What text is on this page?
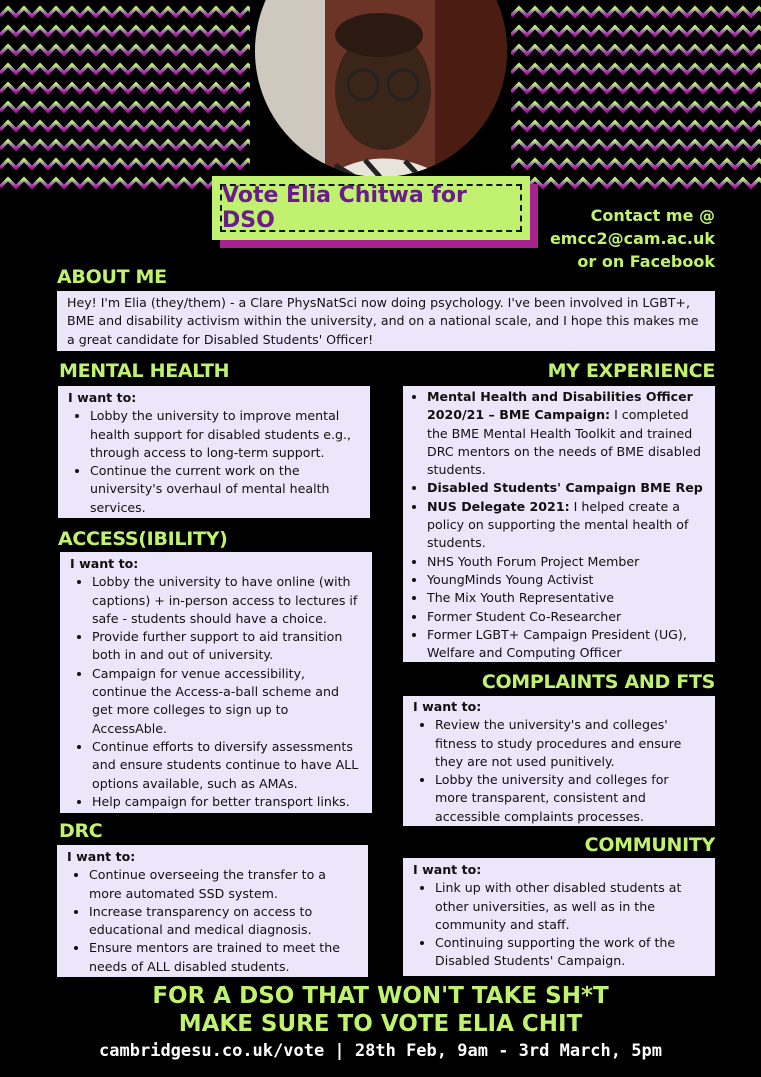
Vote Elia Chitwa for DSO	Contact me @
emcc2@cam.ac.uk
or on Facebook
ABOUT ME
Hey! I'm Elia (they/them) - a Clare PhysNatSci now doing psychology. I've been involved in LGBT+, BME and disability activism within the university, and on a national scale, and I hope this makes me a great candidate for Disabled Students' Officer!
MENTAL HEALTH
I want to:
• Lobby the university to improve mental health support for disabled students e.g., through access to long-term support.
• Continue the current work on the university's overhaul of mental health services.
ACCESS(IBILITY)
I want to:
• Lobby the university to have online (with captions) + in-person access to lectures if safe - students should have a choice.
• Provide further support to aid transition both in and out of university.
• Campaign for venue accessibility, continue the Access-a-ball scheme and get more colleges to sign up to AccessAble.
• Continue efforts to diversify assessments and ensure students continue to have ALL options available, such as AMAs.
• Help campaign for better transport links.
DRC
I want to:
• Continue overseeing the transfer to a more automated SSD system.
• Increase transparency on access to educational and medical diagnosis.
• Ensure mentors are trained to meet the needs of ALL disabled students.
MY EXPERIENCE
• Mental Health and Disabilities Officer 2020/21 – BME Campaign: I completed the BME Mental Health Toolkit and trained DRC mentors on the needs of BME disabled students.
• Disabled Students' Campaign BME Rep
• NUS Delegate 2021: I helped create a policy on supporting the mental health of students.
• NHS Youth Forum Project Member
• YoungMinds Young Activist
• The Mix Youth Representative
• Former Student Co-Researcher
• Former LGBT+ Campaign President (UG), Welfare and Computing Officer
COMPLAINTS AND FTS
I want to:
• Review the university's and colleges' fitness to study procedures and ensure they are not used punitively.
• Lobby the university and colleges for more transparent, consistent and accessible complaints processes.
COMMUNITY
I want to:
• Link up with other disabled students at other universities, as well as in the community and staff.
• Continuing supporting the work of the Disabled Students' Campaign.
FOR A DSO THAT WON'T TAKE SH*T
MAKE SURE TO VOTE ELIA CHIT
cambridgesu.co.uk/vote | 28th Feb, 9am - 3rd March, 5pm
